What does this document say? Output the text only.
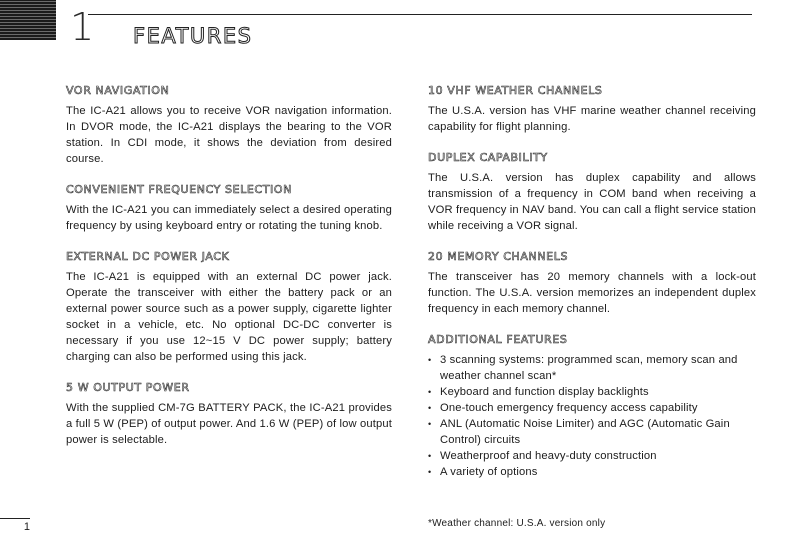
1 FEATURES
VOR NAVIGATION

The IC-A21 allows you to receive VOR navigation information. In DVOR mode, the IC-A21 displays the bearing to the VOR station. In CDI mode, it shows the deviation from desired course.

CONVENIENT FREQUENCY SELECTION

With the IC-A21 you can immediately select a desired operating frequency by using keyboard entry or rotating the tuning knob.

EXTERNAL DC POWER JACK

The IC-A21 is equipped with an external DC power jack. Operate the transceiver with either the battery pack or an external power source such as a power supply, cigarette lighter socket in a vehicle, etc. No optional DC-DC converter is necessary if you use 12~15 V DC power supply; battery charging can also be performed using this jack.

5 W OUTPUT POWER

With the supplied CM-7G BATTERY PACK, the IC-A21 provides a full 5 W (PEP) of output power. And 1.6 W (PEP) of low output power is selectable.

10 VHF WEATHER CHANNELS

The U.S.A. version has VHF marine weather channel receiving capability for flight planning.

DUPLEX CAPABILITY

The U.S.A. version has duplex capability and allows transmission of a frequency in COM band when receiving a VOR frequency in NAV band. You can call a flight service station while receiving a VOR signal.

20 MEMORY CHANNELS

The transceiver has 20 memory channels with a lock-out function. The U.S.A. version memorizes an independent duplex frequency in each memory channel.

ADDITIONAL FEATURES
• 3 scanning systems: programmed scan, memory scan and weather channel scan*
• Keyboard and function display backlights
• One-touch emergency frequency access capability
• ANL (Automatic Noise Limiter) and AGC (Automatic Gain Control) circuits
• Weatherproof and heavy-duty construction
• A variety of options
*Weather channel: U.S.A. version only
1
